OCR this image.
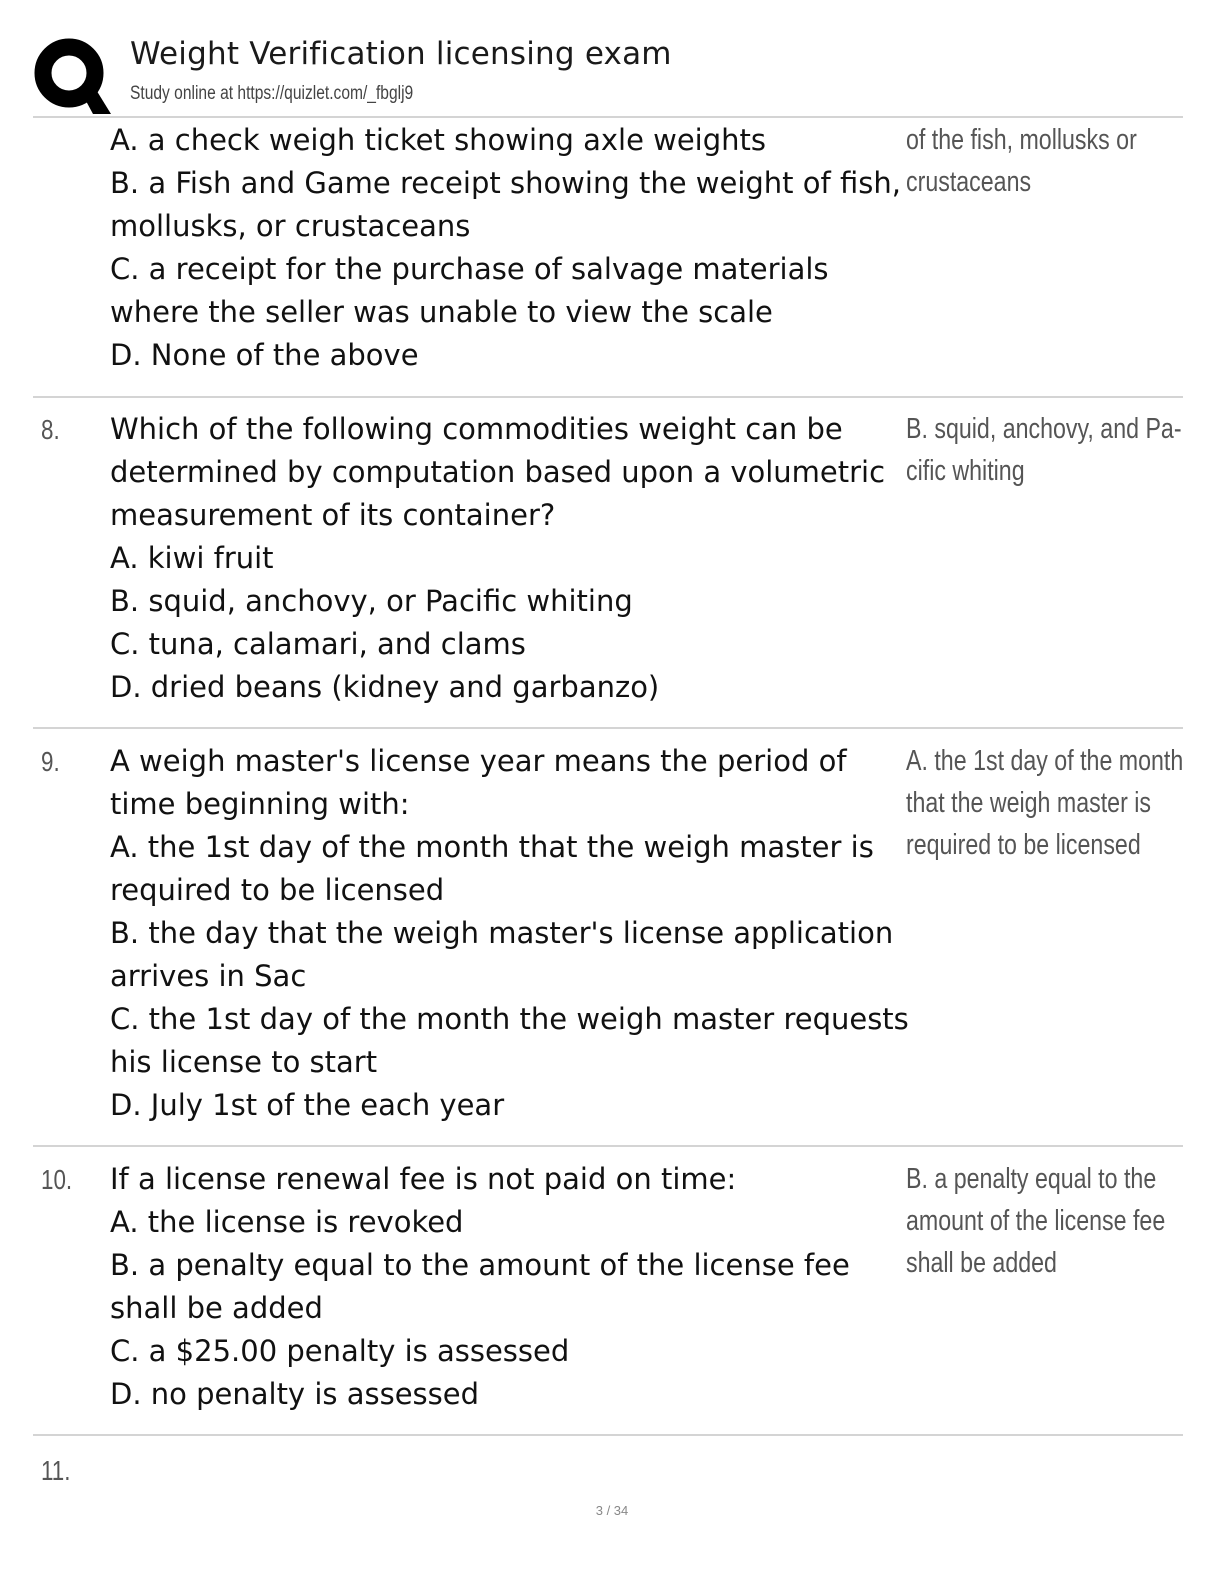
Weight Verification licensing exam
Study online at https://quizlet.com/_fbglj9
A. a check weigh ticket showing axle weights
B. a Fish and Game receipt showing the weight of fish,
mollusks, or crustaceans
C. a receipt for the purchase of salvage materials
where the seller was unable to view the scale
D. None of the above
of the fish, mollusks or
crustaceans
8. Which of the following commodities weight can be
determined by computation based upon a volumetric
measurement of its container?
A. kiwi fruit
B. squid, anchovy, or Pacific whiting
C. tuna, calamari, and clams
D. dried beans (kidney and garbanzo)
B. squid, anchovy, and Pa-
cific whiting
9. A weigh master's license year means the period of
time beginning with:
A. the 1st day of the month that the weigh master is
required to be licensed
B. the day that the weigh master's license application
arrives in Sac
C. the 1st day of the month the weigh master requests
his license to start
D. July 1st of the each year
A. the 1st day of the month
that the weigh master is
required to be licensed
10. If a license renewal fee is not paid on time:
A. the license is revoked
B. a penalty equal to the amount of the license fee
shall be added
C. a $25.00 penalty is assessed
D. no penalty is assessed
B. a penalty equal to the
amount of the license fee
shall be added
11.
3 / 34
